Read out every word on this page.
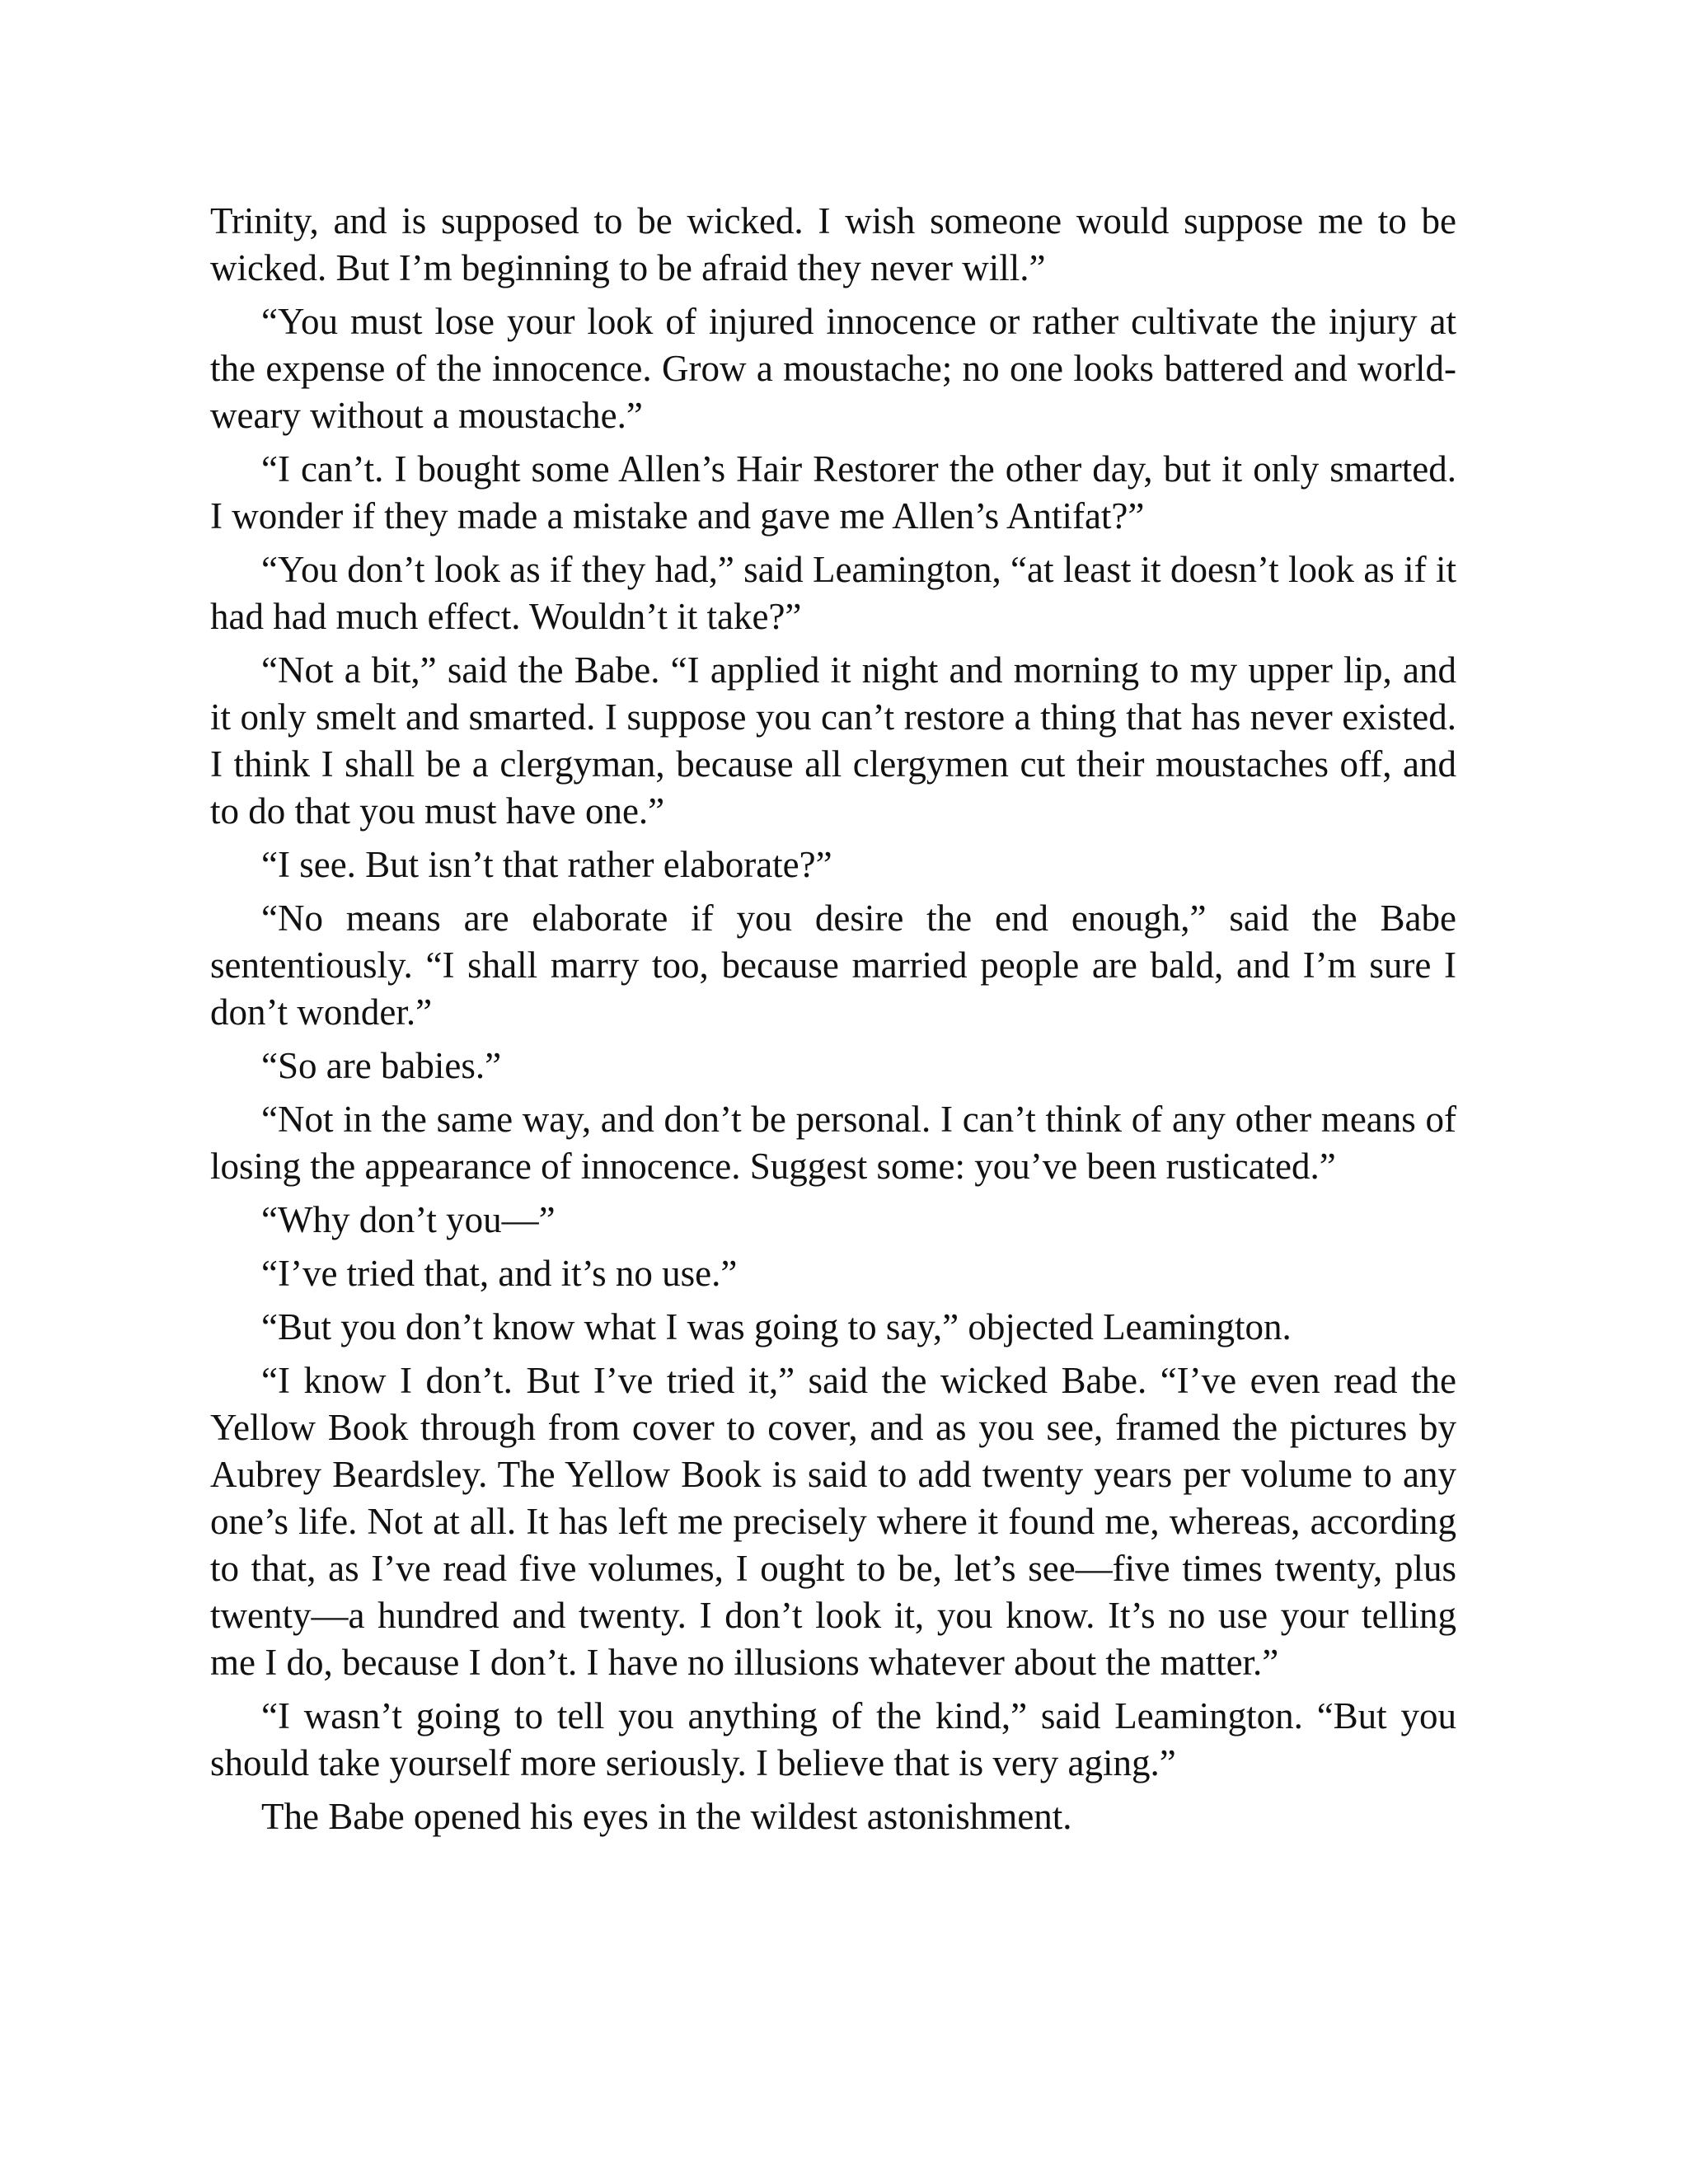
Trinity, and is supposed to be wicked. I wish someone would suppose me to be wicked. But I’m beginning to be afraid they never will.”

“You must lose your look of injured innocence or rather cultivate the injury at the expense of the innocence. Grow a moustache; no one looks battered and world-weary without a moustache.”

“I can’t. I bought some Allen’s Hair Restorer the other day, but it only smarted. I wonder if they made a mistake and gave me Allen’s Antifat?”

“You don’t look as if they had,” said Leamington, “at least it doesn’t look as if it had had much effect. Wouldn’t it take?”

“Not a bit,” said the Babe. “I applied it night and morning to my upper lip, and it only smelt and smarted. I suppose you can’t restore a thing that has never existed. I think I shall be a clergyman, because all clergymen cut their moustaches off, and to do that you must have one.”

“I see. But isn’t that rather elaborate?”

“No means are elaborate if you desire the end enough,” said the Babe sententiously. “I shall marry too, because married people are bald, and I’m sure I don’t wonder.”

“So are babies.”

“Not in the same way, and don’t be personal. I can’t think of any other means of losing the appearance of innocence. Suggest some: you’ve been rusticated.”

“Why don’t you—”

“I’ve tried that, and it’s no use.”

“But you don’t know what I was going to say,” objected Leamington.

“I know I don’t. But I’ve tried it,” said the wicked Babe. “I’ve even read the Yellow Book through from cover to cover, and as you see, framed the pictures by Aubrey Beardsley. The Yellow Book is said to add twenty years per volume to any one’s life. Not at all. It has left me precisely where it found me, whereas, according to that, as I’ve read five volumes, I ought to be, let’s see—five times twenty, plus twenty—a hundred and twenty. I don’t look it, you know. It’s no use your telling me I do, because I don’t. I have no illusions whatever about the matter.”

“I wasn’t going to tell you anything of the kind,” said Leamington. “But you should take yourself more seriously. I believe that is very aging.”

The Babe opened his eyes in the wildest astonishment.
